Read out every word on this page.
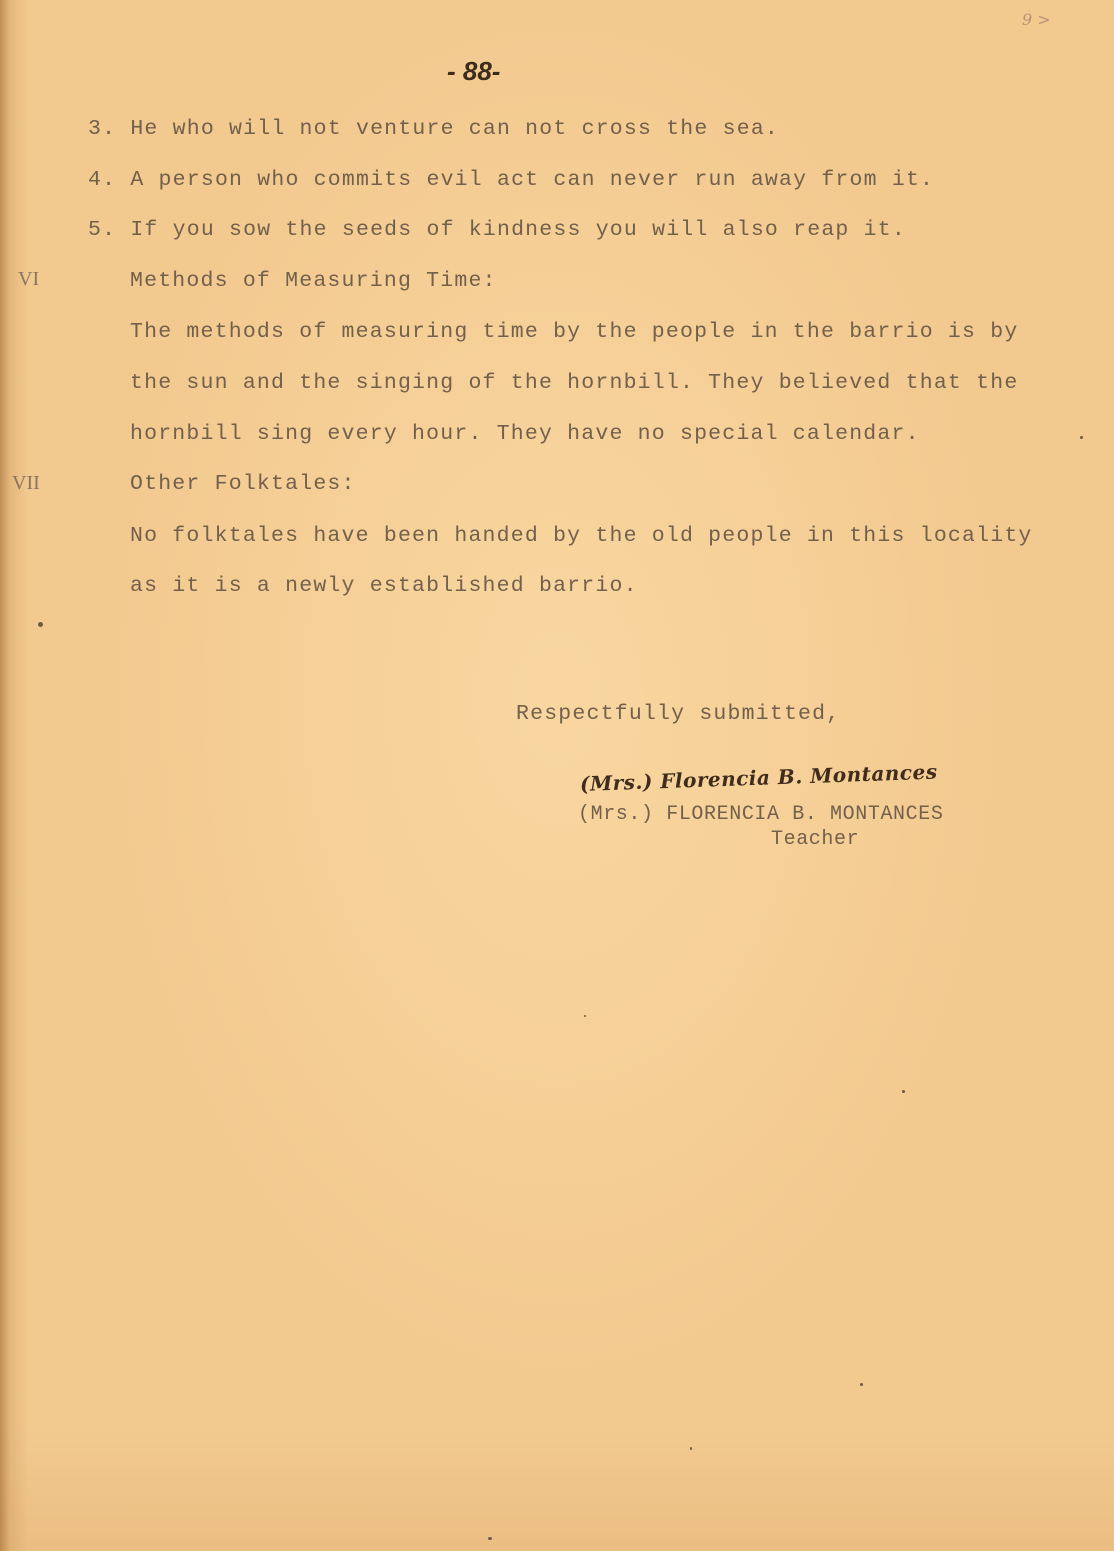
9 >
- 88-
3. He who will not venture can not cross the sea.
4. A person who commits evil act can never run away from it.
5. If you sow the seeds of kindness you will also reap it.
VI	Methods of Measuring Time:
The methods of measuring time by the people in the barrio is by
the sun and the singing of the hornbill. They believed that the
hornbill sing every hour. They have no special calendar.
VII	Other Folktales:
No folktales have been handed by the old people in this locality
as it is a newly established barrio.
Respectfully submitted,
(Mrs.) Florencia B. Montances
(Mrs.) FLORENCIA B. MONTANCES
Teacher
